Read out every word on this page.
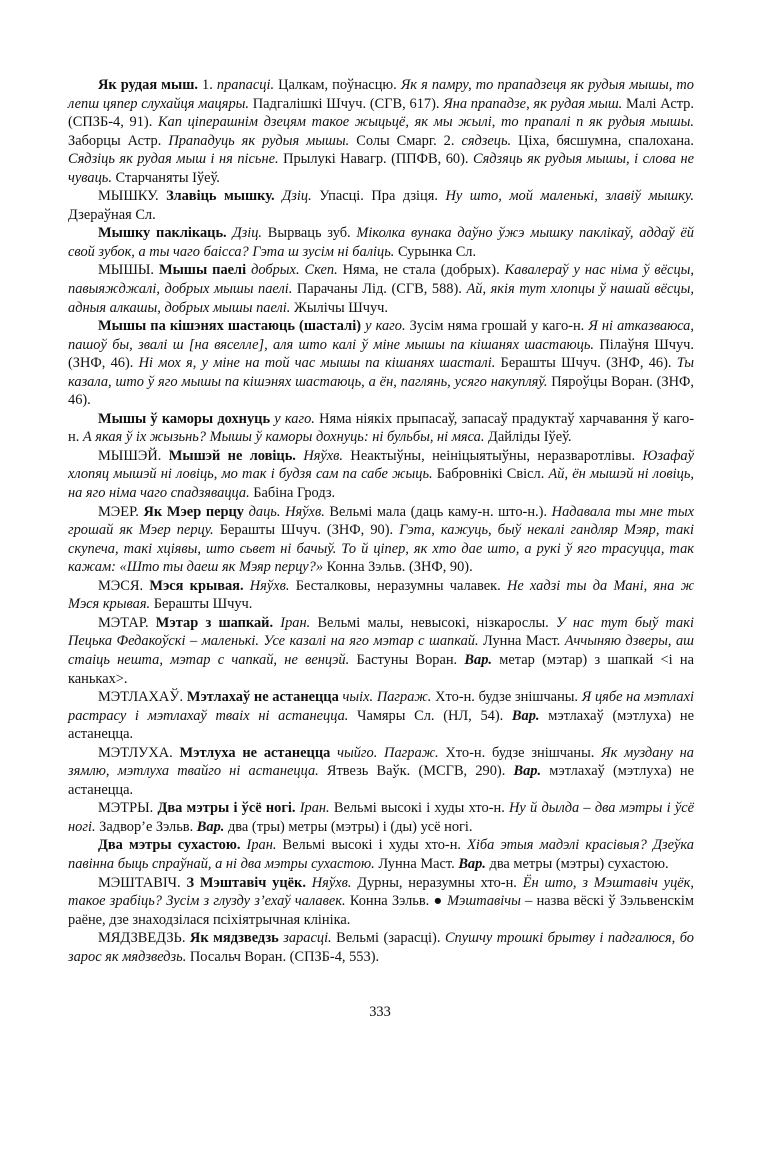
Як рудая мыш. 1. прапасці. Цалкам, поўнасцю. Як я памру, то прападзеця як рудыя мышы, то лепш цяпер слухайця мацяры. Падгалішкі Шчуч. (СГВ, 617). Яна прападзе, як рудая мыш. Малі Астр. (СПЗБ-4, 91). Кап ціперашнім дзецям такое жыцьцё, як мы жылі, то прапалі п як рудыя мышы. Заборцы Астр. Прападуць як рудыя мышы. Солы Смарг. 2. сядзець. Ціха, бясшумна, спалохана. Сядзіць як рудая мыш і ня пісьне. Прылукі Навагр. (ППФВ, 60). Сядзяць як рудыя мышы, і слова не чуваць. Старчаняты Іўеў.

МЫШКУ. Злавіць мышку. Дзіц. Упасці. Пра дзіця. Ну што, мой маленькі, злавіў мышку. Дзераўная Сл.

Мышку паклікаць. Дзіц. Вырваць зуб. Міколка вунака даўно ўжэ мышку паклікаў, аддаў ёй свой зубок, а ты чаго баісса? Гэта ш зусім ні баліць. Сурынка Сл.

МЫШЫ. Мышы паелі добрых. Скеп. Няма, не стала (добрых). Кавалераў у нас німа ў вёсцы, павыяжджалі, добрых мышы паелі. Парачаны Лід. (СГВ, 588). Ай, якія тут хлопцы ў нашай вёсцы, адныя алкашы, добрых мышы паелі. Жылічы Шчуч.

Мышы па кішэнях шастаюць (шасталі) у каго. Зусім няма грошай у каго-н. Я ні атказваюса, пашоў бы, звалі ш [на вяселле], аля што калі ў міне мышы па кішанях шастаюць. Пілаўня Шчуч. (ЗНФ, 46). Ні мох я, у міне на той час мышы па кішанях шасталі. Берашты Шчуч. (ЗНФ, 46). Ты казала, што ў яго мышы па кішэнях шастаюць, а ён, паглянь, усяго накупляў. Пяроўцы Воран. (ЗНФ, 46).

Мышы ў каморы дохнуць у каго. Няма ніякіх прыпасаў, запасаў прадуктаў харчавання ў каго-н. А якая ў іх жызьнь? Мышы ў каморы дохнуць: ні бульбы, ні мяса. Дайліды Іўеў.

МЫШЭЙ. Мышэй не ловіць. Няўхв. Неактыўны, неініцыятыўны, неразваротлівы. Юзафаў хлопяц мышэй ні ловіць, мо так і будзя сам па сабе жыць. Бабровнікі Свісл. Ай, ён мышэй ні ловіць, на яго німа чаго спадзявацца. Бабіна Гродз.

МЭЕР. Як Мэер перцу даць. Няўхв. Вельмі мала (даць каму-н. што-н.). Надавала ты мне тых грошай як Мэер перцу. Берашты Шчуч. (ЗНФ, 90). Гэта, кажуць, быў некалі гандляр Мэяр, такі скупеча, такі хціявы, што сьвет ні бачыў. То й ціпер, як хто дае што, а рукі ў яго трасуцца, так кажам: «Што ты даеш як Мэяр перцу?» Конна Зэльв. (ЗНФ, 90).

МЭСЯ. Мэся крывая. Няўхв. Бесталковы, неразумны чалавек. Не хадзі ты да Мані, яна ж Мэся крывая. Берашты Шчуч.

МЭТАР. Мэтар з шапкай. Іран. Вельмі малы, невысокі, нізкарослы. У нас тут быў такі Пецька Федакоўскі – маленькі. Усе казалі на яго мэтар с шапкай. Лунна Маст. Аччыняю дзверы, аш стаіць нешта, мэтар с чапкай, не венцэй. Бастуны Воран. Вар. метар (мэтар) з шапкай <і на каньках>.

МЭТЛАХАЎ. Мэтлахаў не астанецца чыіх. Паграж. Хто-н. будзе знішчаны. Я цябе на мэтлахі растрасу і мэтлахаў тваіх ні астанецца. Чамяры Сл. (НЛ, 54). Вар. мэтлахаў (мэтлуха) не астанецца.

МЭТЛУХА. Мэтлуха не астанецца чыйго. Паграж. Хто-н. будзе знішчаны. Як муздану на зямлю, мэтлуха твайго ні астанецца. Ятвезь Ваўк. (МСГВ, 290). Вар. мэтлахаў (мэтлуха) не астанецца.

МЭТРЫ. Два мэтры і ўсё ногі. Іран. Вельмі высокі і худы хто-н. Ну й дылда – два мэтры і ўсё ногі. Задвор’е Зэльв. Вар. два (тры) метры (мэтры) і (ды) усё ногі.

Два мэтры сухастою. Іран. Вельмі высокі і худы хто-н. Хіба этыя мадэлі красівыя? Дзеўка павінна быць спраўнай, а ні два мэтры сухастою. Лунна Маст. Вар. два метры (мэтры) сухастою.

МЭШТАВІЧ. З Мэштавіч уцёк. Няўхв. Дурны, неразумны хто-н. Ён што, з Мэштавіч уцёк, такое зрабіць? Зусім з глузду з’ехаў чалавек. Конна Зэльв. ● Мэштавічы – назва вёскі ў Зэльвенскім раёне, дзе знаходзілася псіхіятрычная клініка.

МЯДЗВЕДЗЬ. Як мядзведзь зарасці. Вельмі (зарасці). Спушчу трошкі брытву і падгалюся, бо зарос як мядзведзь. Посальч Воран. (СПЗБ-4, 553).

333
